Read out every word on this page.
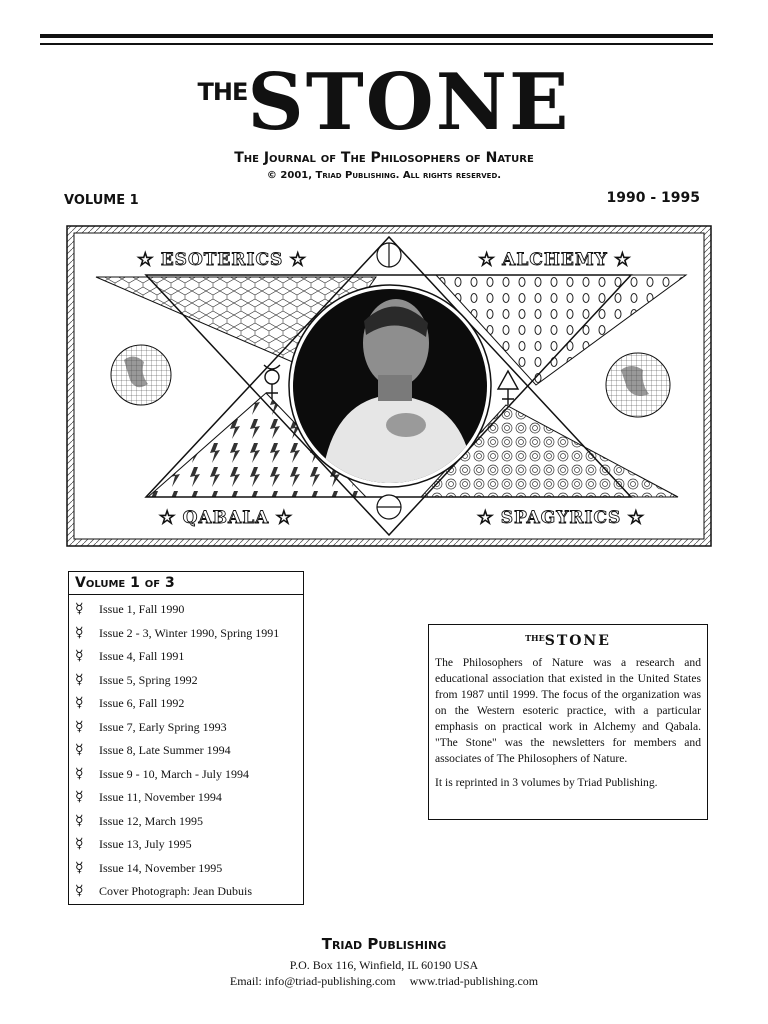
THESTONE
The Journal of The Philosophers of Nature
© 2001, Triad Publishing. All rights reserved.
VOLUME 1	1990 - 1995
★ ESOTERICS ★	★ ALCHEMY ★
★ QABALA ★	★ SPAGYRICS ★
Volume 1 of 3
☿ Issue 1, Fall 1990
☿ Issue 2 - 3, Winter 1990, Spring 1991
☿ Issue 4, Fall 1991
☿ Issue 5, Spring 1992
☿ Issue 6, Fall 1992
☿ Issue 7, Early Spring 1993
☿ Issue 8, Late Summer 1994
☿ Issue 9 - 10, March - July 1994
☿ Issue 11, November 1994
☿ Issue 12, March 1995
☿ Issue 13, July 1995
☿ Issue 14, November 1995
☿ Cover Photograph: Jean Dubuis
$^{THE}$STONE
The Philosophers of Nature was a research and educational association that existed in the United States from 1987 until 1999. The focus of the organization was on the Western esoteric practice, with a particular emphasis on practical work in Alchemy and Qabala. "The Stone" was the newsletters for members and associates of The Philosophers of Nature.
It is reprinted in 3 volumes by Triad Publishing.
Triad Publishing
P.O. Box 116, Winfield, IL 60190 USA
Email: info@triad-publishing.com www.triad-publishing.com
